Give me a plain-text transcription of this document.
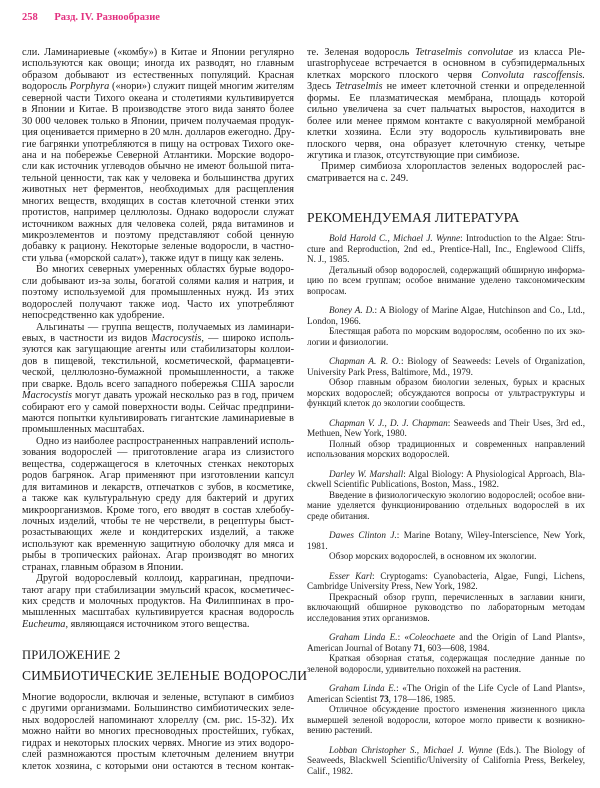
258 Разд. IV. Разнообразие
сли. Ламинариевые («комбу») в Китае и Японии регулярно
используются как овощи; иногда их разводят, но главным
образом добывают из естественных популяций. Красная
водоросль Porphyra («нори») служит пищей многим жителям
северной части Тихого океана и столетиями культивируется
в Японии и Китае. В производстве этого вида занято более
30 000 человек только в Японии, причем получаемая продук-
ция оценивается примерно в 20 млн. долларов ежегодно. Дру-
гие багрянки употребляются в пищу на островах Тихого оке-
ана и на побережье Северной Атлантики. Морские водоро-
сли как источник углеводов обычно не имеют большой пита-
тельной ценности, так как у человека и большинства других
животных нет ферментов, необходимых для расщепления
многих веществ, входящих в состав клеточной стенки этих
протистов, например целлюлозы. Однако водоросли служат
источником важных для человека солей, ряда витаминов и
микроэлементов и поэтому представляют собой ценную
добавку к рациону. Некоторые зеленые водоросли, в частно-
сти ульва («морской салат»), также идут в пищу как зелень.
Во многих северных умеренных областях бурые водоро-
сли добывают из-за золы, богатой солями калия и натрия, и
поэтому используемой для промышленных нужд. Из этих
водорослей получают также иод. Часто их употребляют
непосредственно как удобрение.
Альгинаты — группа веществ, получаемых из ламинари-
евых, в частности из видов Macrocystis, — широко исполь-
зуются как загущающие агенты или стабилизаторы коллои-
дов в пищевой, текстильной, косметической, фармацевти-
ческой, целлюлозно-бумажной промышленности, а также
при сварке. Вдоль всего западного побережья США заросли
Macrocystis могут давать урожай несколько раз в год, причем
собирают его у самой поверхности воды. Сейчас предприни-
маются попытки культивировать гигантские ламинариевые в
промышленных масштабах.
Одно из наиболее распространенных направлений исполь-
зования водорослей — приготовление агара из слизистого
вещества, содержащегося в клеточных стенках некоторых
родов багрянок. Агар применяют при изготовлении капсул
для витаминов и лекарств, отпечатков с зубов, в косметике,
а также как культуральную среду для бактерий и других
микроорганизмов. Кроме того, его вводят в состав хлебобу-
лочных изделий, чтобы те не черствели, в рецептуры быст-
розастывающих желе и кондитерских изделий, а также
используют как временную защитную оболочку для мяса и
рыбы в тропических районах. Агар производят во многих
странах, главным образом в Японии.
Другой водорослевый коллоид, каррагинан, предпочи-
тают агару при стабилизации эмульсий красок, косметичес-
ких средств и молочных продуктов. На Филиппинах в про-
мышленных масштабах культивируется красная водоросль
Eucheuma, являющаяся источником этого вещества.
ПРИЛОЖЕНИЕ 2
СИМБИОТИЧЕСКИЕ ЗЕЛЕНЫЕ ВОДОРОСЛИ
Многие водоросли, включая и зеленые, вступают в симбиоз
с другими организмами. Большинство симбиотических зеле-
ных водорослей напоминают хлореллу (см. рис. 15-32). Их
можно найти во многих пресноводных простейших, губках,
гидрах и некоторых плоских червях. Многие из этих водоро-
слей размножаются простым клеточным делением внутри
клеток хозяина, с которыми они остаются в тесном контак-
те. Зеленая водоросль Tetraselmis convolutae из класса Ple-
urastrophyceae встречается в основном в субэпидермальных
клетках морского плоского червя Convoluta rascoffensis.
Здесь Tetraselmis не имеет клеточной стенки и определенной
формы. Ее плазматическая мембрана, площадь которой
сильно увеличена за счет пальчатых выростов, находится в
более или менее прямом контакте с вакуолярной мембраной
клетки хозяина. Если эту водоросль культивировать вне
плоского червя, она образует клеточную стенку, четыре
жгутика и глазок, отсутствующие при симбиозе.
Пример симбиоза хлоропластов зеленых водорослей рас-
сматривается на с. 249.
РЕКОМЕНДУЕМАЯ ЛИТЕРАТУРА
Bold Harold C., Michael J. Wynne: Introduction to the Algae: Stru-
cture and Reproduction, 2nd ed., Prentice-Hall, Inc., Englewood Cliffs,
N. J., 1985.
Детальный обзор водорослей, содержащий обширную информа-
цию по всем группам; особое внимание уделено таксономическим
вопросам.
Boney A. D.: A Biology of Marine Algae, Hutchinson and Co., Ltd.,
London, 1966.
Блестящая работа по морским водорослям, особенно по их эко-
логии и физиологии.
Chapman A. R. O.: Biology of Seaweeds: Levels of Organization,
University Park Press, Baltimore, Md., 1979.
Обзор главным образом биологии зеленых, бурых и красных
морских водорослей; обсуждаются вопросы от ультраструктуры и
функций клеток до экологии сообществ.
Chapman V. J., D. J. Chapman: Seaweeds and Their Uses, 3rd ed.,
Methuen, New York, 1980.
Полный обзор традиционных и современных направлений
использования морских водорослей.
Darley W. Marshall: Algal Biology: A Physiological Approach, Bla-
ckwell Scientific Publications, Boston, Mass., 1982.
Введение в физиологическую экологию водорослей; особое вни-
мание уделяется функционированию отдельных водорослей в их
среде обитания.
Dawes Clinton J.: Marine Botany, Wiley-Interscience, New York,
1981.
Обзор морских водорослей, в основном их экологии.
Esser Karl: Cryptogams: Cyanobacteria, Algae, Fungi, Lichens,
Cambridge University Press, New York, 1982.
Прекрасный обзор групп, перечисленных в заглавии книги,
включающий обширное руководство по лабораторным методам
исследования этих организмов.
Graham Linda E.: «Coleochaete and the Origin of Land Plants»,
American Journal of Botany 71, 603—608, 1984.
Краткая обзорная статья, содержащая последние данные по
зеленой водоросли, удивительно похожей на растения.
Graham Linda E.: «The Origin of the Life Cycle of Land Plants»,
American Scientist 73, 178—186, 1985.
Отличное обсуждение простого изменения жизненного цикла
вымершей зеленой водоросли, которое могло привести к возникно-
вению растений.
Lobban Christopher S., Michael J. Wynne (Eds.). The Biology of
Seaweeds, Blackwell Scientific/University of California Press, Berkeley,
Calif., 1982.
